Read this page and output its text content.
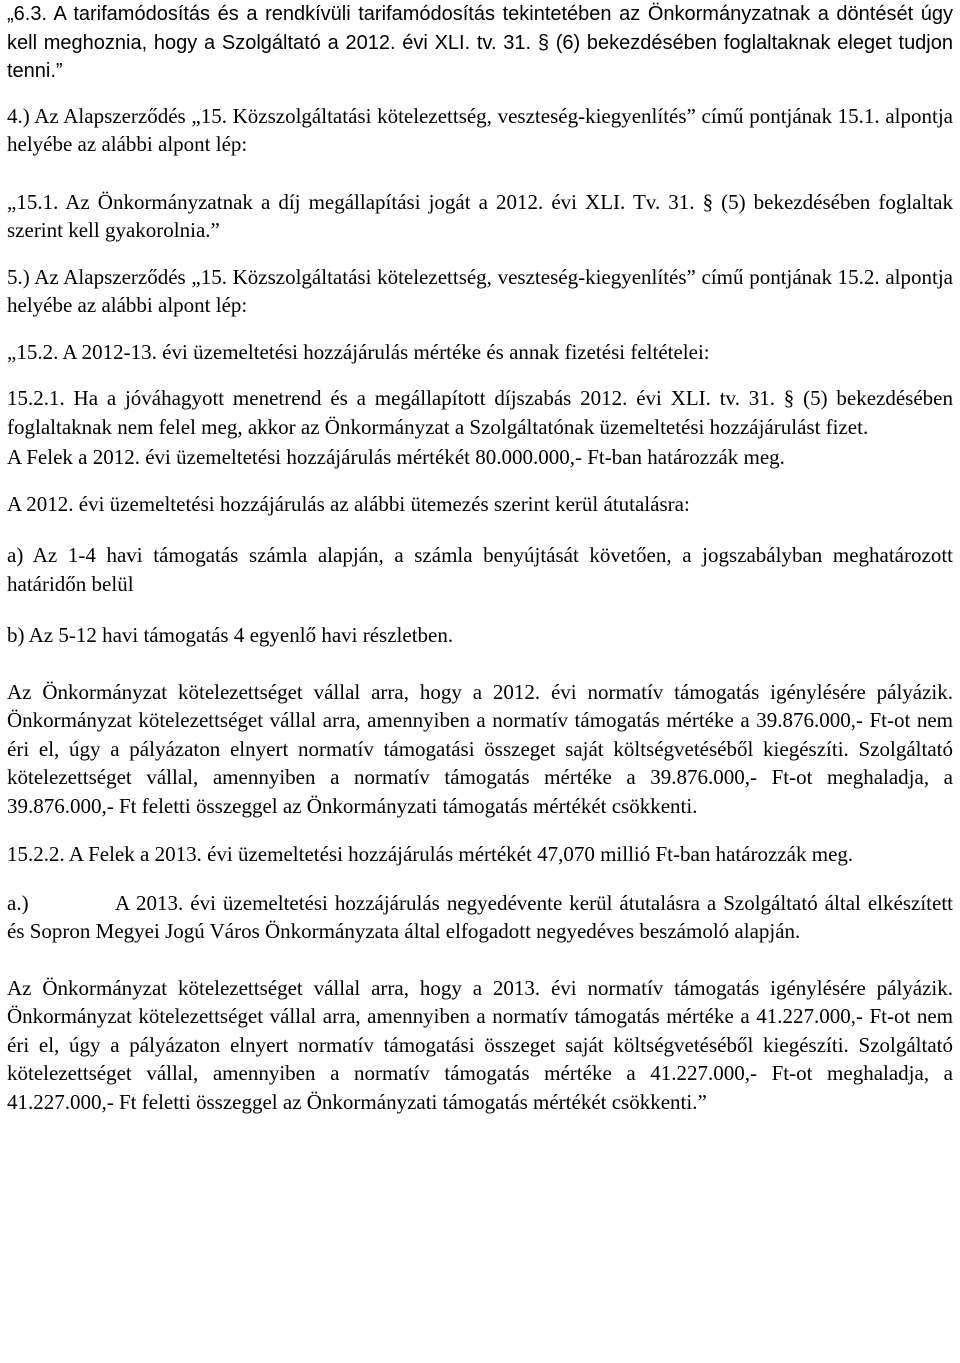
„6.3. A tarifamódosítás és a rendkívüli tarifamódosítás tekintetében az Önkormányzatnak a döntését úgy kell meghoznia, hogy a Szolgáltató a 2012. évi XLI. tv. 31. § (6) bekezdésében foglaltaknak eleget tudjon tenni.”

4.) Az Alapszerződés „15. Közszolgáltatási kötelezettség, veszteség-kiegyenlítés” című pontjának 15.1. alpontja helyébe az alábbi alpont lép:

„15.1. Az Önkormányzatnak a díj megállapítási jogát a 2012. évi XLI. Tv. 31. § (5) bekezdésében foglaltak szerint kell gyakorolnia.”

5.) Az Alapszerződés „15. Közszolgáltatási kötelezettség, veszteség-kiegyenlítés” című pontjának 15.2. alpontja helyébe az alábbi alpont lép:

„15.2. A 2012-13. évi üzemeltetési hozzájárulás mértéke és annak fizetési feltételei:

15.2.1. Ha a jóváhagyott menetrend és a megállapított díjszabás 2012. évi XLI. tv. 31. § (5) bekezdésében foglaltaknak nem felel meg, akkor az Önkormányzat a Szolgáltatónak üzemeltetési hozzájárulást fizet.

A Felek a 2012. évi üzemeltetési hozzájárulás mértékét 80.000.000,- Ft-ban határozzák meg.

A 2012. évi üzemeltetési hozzájárulás az alábbi ütemezés szerint kerül átutalásra:

a) Az 1-4 havi támogatás számla alapján, a számla benyújtását követően, a jogszabályban meghatározott határidőn belül

b) Az 5-12 havi támogatás 4 egyenlő havi részletben.

Az Önkormányzat kötelezettséget vállal arra, hogy a 2012. évi normatív támogatás igénylésére pályázik. Önkormányzat kötelezettséget vállal arra, amennyiben a normatív támogatás mértéke a 39.876.000,- Ft-ot nem éri el, úgy a pályázaton elnyert normatív támogatási összeget saját költségvetéséből kiegészíti. Szolgáltató kötelezettséget vállal, amennyiben a normatív támogatás mértéke a 39.876.000,- Ft-ot meghaladja, a 39.876.000,- Ft feletti összeggel az Önkormányzati támogatás mértékét csökkenti.

15.2.2. A Felek a 2013. évi üzemeltetési hozzájárulás mértékét 47,070 millió Ft-ban határozzák meg.

a.)	A 2013. évi üzemeltetési hozzájárulás negyedévente kerül átutalásra a Szolgáltató által elkészített és Sopron Megyei Jogú Város Önkormányzata által elfogadott negyedéves beszámoló alapján.

Az Önkormányzat kötelezettséget vállal arra, hogy a 2013. évi normatív támogatás igénylésére pályázik. Önkormányzat kötelezettséget vállal arra, amennyiben a normatív támogatás mértéke a 41.227.000,- Ft-ot nem éri el, úgy a pályázaton elnyert normatív támogatási összeget saját költségvetéséből kiegészíti. Szolgáltató kötelezettséget vállal, amennyiben a normatív támogatás mértéke a 41.227.000,- Ft-ot meghaladja, a 41.227.000,- Ft feletti összeggel az Önkormányzati támogatás mértékét csökkenti.”
